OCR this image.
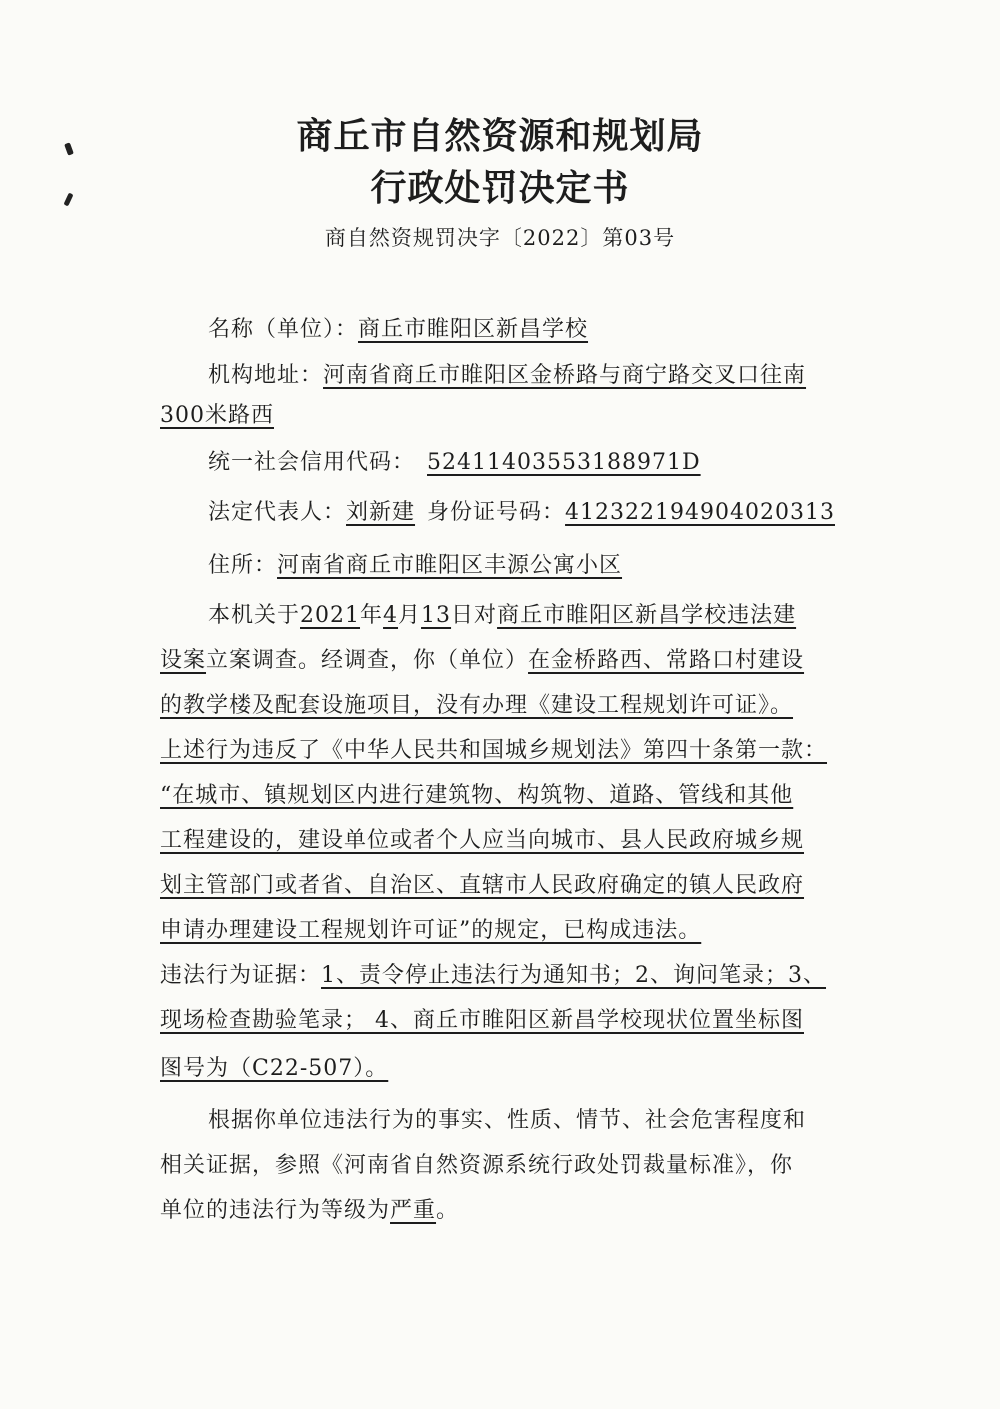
商丘市自然资源和规划局
行政处罚决定书
商自然资规罚决字〔2022〕第03号
名称（单位）：商丘市睢阳区新昌学校
机构地址：河南省商丘市睢阳区金桥路与商宁路交叉口往南
300米路西
统一社会信用代码： 52411403553188971D
法定代表人：刘新建 身份证号码：412322194904020313
住所：河南省商丘市睢阳区丰源公寓小区
本机关于2021年4月13日对商丘市睢阳区新昌学校违法建
设案立案调查。经调查，你（单位）在金桥路西、常路口村建设
的教学楼及配套设施项目，没有办理《建设工程规划许可证》。
上述行为违反了《中华人民共和国城乡规划法》第四十条第一款：
“在城市、镇规划区内进行建筑物、构筑物、道路、管线和其他
工程建设的，建设单位或者个人应当向城市、县人民政府城乡规
划主管部门或者省、自治区、直辖市人民政府确定的镇人民政府
申请办理建设工程规划许可证”的规定，已构成违法。
违法行为证据：1、责令停止违法行为通知书；2、询问笔录；3、
现场检查勘验笔录； 4、商丘市睢阳区新昌学校现状位置坐标图
图号为（C22-507）。
根据你单位违法行为的事实、性质、情节、社会危害程度和
相关证据，参照《河南省自然资源系统行政处罚裁量标准》，你
单位的违法行为等级为严重。
